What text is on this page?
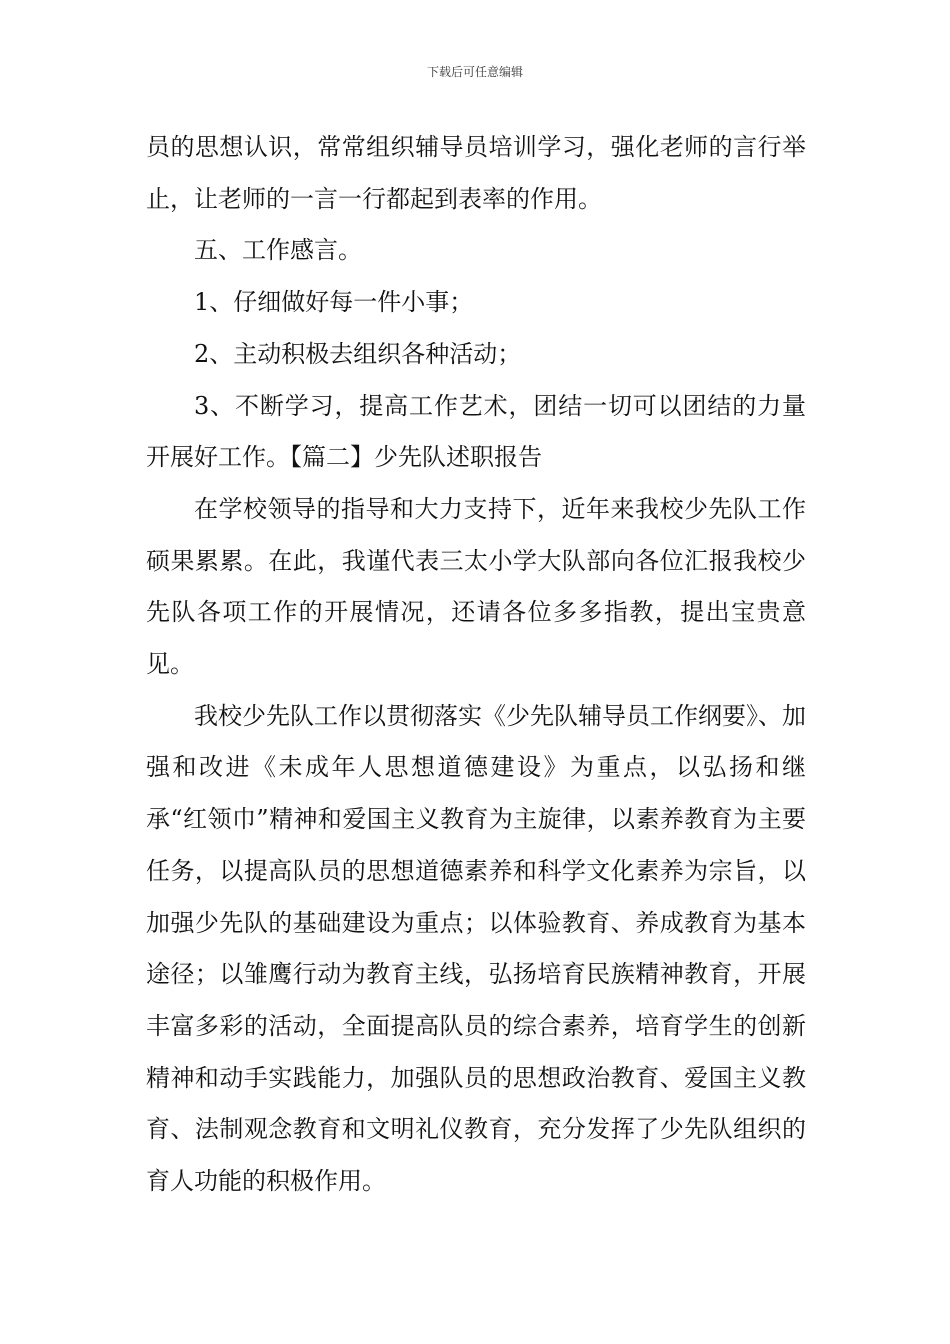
下载后可任意编辑

员的思想认识，常常组织辅导员培训学习，强化老师的言行举止，让老师的一言一行都起到表率的作用。

五、工作感言。

1、仔细做好每一件小事；

2、主动积极去组织各种活动；

3、不断学习，提高工作艺术，团结一切可以团结的力量开展好工作。【篇二】少先队述职报告

在学校领导的指导和大力支持下，近年来我校少先队工作硕果累累。在此，我谨代表三太小学大队部向各位汇报我校少先队各项工作的开展情况，还请各位多多指教，提出宝贵意见。

我校少先队工作以贯彻落实《少先队辅导员工作纲要》、加强和改进《未成年人思想道德建设》为重点，以弘扬和继承“红领巾”精神和爱国主义教育为主旋律，以素养教育为主要任务，以提高队员的思想道德素养和科学文化素养为宗旨，以加强少先队的基础建设为重点；以体验教育、养成教育为基本途径；以雏鹰行动为教育主线，弘扬培育民族精神教育，开展丰富多彩的活动，全面提高队员的综合素养，培育学生的创新精神和动手实践能力，加强队员的思想政治教育、爱国主义教育、法制观念教育和文明礼仪教育，充分发挥了少先队组织的育人功能的积极作用。
